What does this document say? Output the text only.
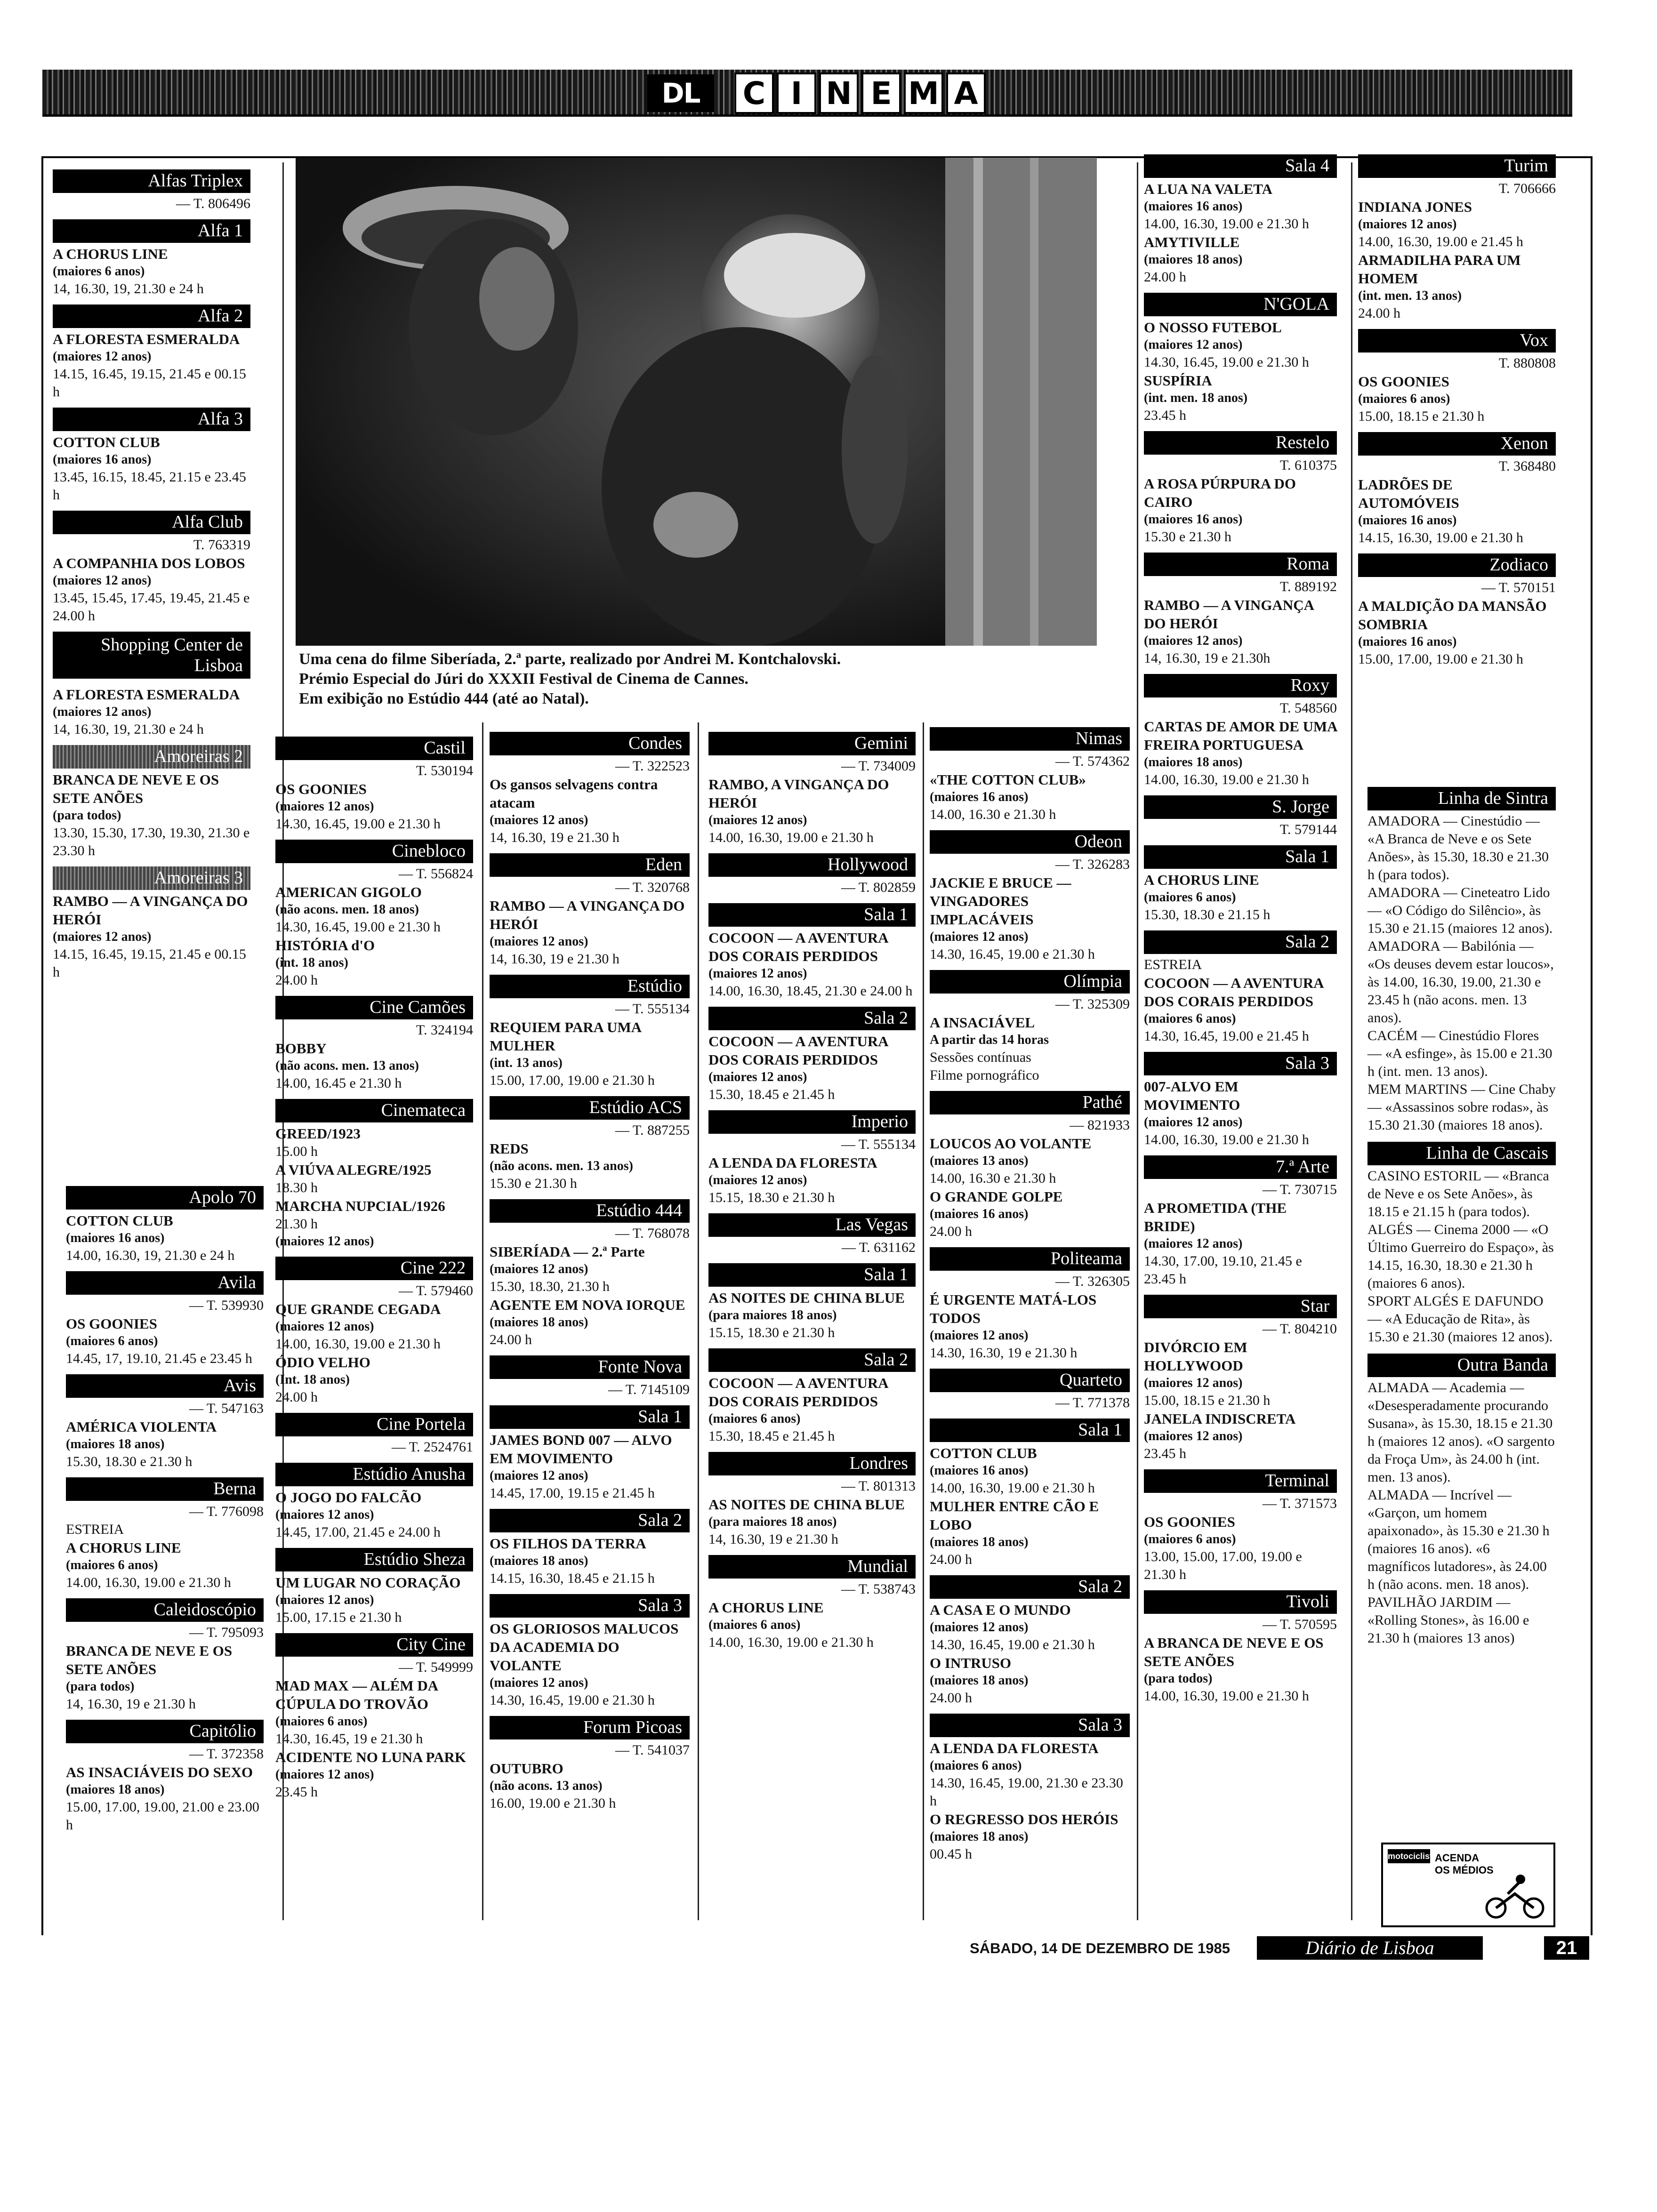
DL	C I N E M A
Uma cena do filme Siberíada, 2.ª parte, realizado por Andrei M. Kontchalovski.
Prémio Especial do Júri do XXXII Festival de Cinema de Cannes.
Em exibição no Estúdio 444 (até ao Natal).
Alfas Triplex
— T. 806496
Alfa 1
A CHORUS LINE
(maiores 6 anos)
14, 16.30, 19, 21.30 e 24 h
Alfa 2
A FLORESTA ESMERALDA
(maiores 12 anos)
14.15, 16.45, 19.15, 21.45 e 00.15 h
Alfa 3
COTTON CLUB
(maiores 16 anos)
13.45, 16.15, 18.45, 21.15 e 23.45 h
Alfa Club
T. 763319
A COMPANHIA DOS LOBOS
(maiores 12 anos)
13.45, 15.45, 17.45, 19.45, 21.45 e 24.00 h
Shopping Center de Lisboa
A FLORESTA ESMERALDA
(maiores 12 anos)
14, 16.30, 19, 21.30 e 24 h
Amoreiras 2
BRANCA DE NEVE E OS SETE ANÕES
(para todos)
13.30, 15.30, 17.30, 19.30, 21.30 e 23.30 h
Amoreiras 3
RAMBO — A VINGANÇA DO HERÓI
(maiores 12 anos)
14.15, 16.45, 19.15, 21.45 e 00.15 h
Apolo 70
COTTON CLUB
(maiores 16 anos)
14.00, 16.30, 19, 21.30 e 24 h
Avila
— T. 539930
OS GOONIES
(maiores 6 anos)
14.45, 17, 19.10, 21.45 e 23.45 h
Avis
— T. 547163
AMÉRICA VIOLENTA
(maiores 18 anos)
15.30, 18.30 e 21.30 h
Berna
— T. 776098
ESTREIA
A CHORUS LINE
(maiores 6 anos)
14.00, 16.30, 19.00 e 21.30 h
Caleidoscópio
— T. 795093
BRANCA DE NEVE E OS SETE ANÕES
(para todos)
14, 16.30, 19 e 21.30 h
Capitólio
— T. 372358
AS INSACIÁVEIS DO SEXO
(maiores 18 anos)
15.00, 17.00, 19.00, 21.00 e 23.00 h
Castil
T. 530194
OS GOONIES
(maiores 12 anos)
14.30, 16.45, 19.00 e 21.30 h
Cinebloco
— T. 556824
AMERICAN GIGOLO
(não acons. men. 18 anos)
14.30, 16.45, 19.00 e 21.30 h
HISTÓRIA d'O
(int. 18 anos)
24.00 h
Cine Camões
T. 324194
BOBBY
(não acons. men. 13 anos)
14.00, 16.45 e 21.30 h
Cinemateca
GREED/1923
15.00 h
A VIÚVA ALEGRE/1925
18.30 h
MARCHA NUPCIAL/1926
21.30 h
(maiores 12 anos)
Cine 222
— T. 579460
QUE GRANDE CEGADA
(maiores 12 anos)
14.00, 16.30, 19.00 e 21.30 h
ÓDIO VELHO
(Int. 18 anos)
24.00 h
Cine Portela
— T. 2524761
Estúdio Anusha
O JOGO DO FALCÃO
(maiores 12 anos)
14.45, 17.00, 21.45 e 24.00 h
Estúdio Sheza
UM LUGAR NO CORAÇÃO
(maiores 12 anos)
15.00, 17.15 e 21.30 h
City Cine
— T. 549999
MAD MAX — ALÉM DA CÚPULA DO TROVÃO
(maiores 6 anos)
14.30, 16.45, 19 e 21.30 h
ACIDENTE NO LUNA PARK
(maiores 12 anos)
23.45 h
Condes
— T. 322523
Os gansos selvagens contra atacam
(maiores 12 anos)
14, 16.30, 19 e 21.30 h
Eden
— T. 320768
RAMBO — A VINGANÇA DO HERÓI
(maiores 12 anos)
14, 16.30, 19 e 21.30 h
Estúdio
— T. 555134
REQUIEM PARA UMA MULHER
(int. 13 anos)
15.00, 17.00, 19.00 e 21.30 h
Estúdio ACS
— T. 887255
REDS
(não acons. men. 13 anos)
15.30 e 21.30 h
Estúdio 444
— T. 768078
SIBERÍADA — 2.ª Parte
(maiores 12 anos)
15.30, 18.30, 21.30 h
AGENTE EM NOVA IORQUE
(maiores 18 anos)
24.00 h
Fonte Nova
— T. 7145109
Sala 1
JAMES BOND 007 — ALVO EM MOVIMENTO
(maiores 12 anos)
14.45, 17.00, 19.15 e 21.45 h
Sala 2
OS FILHOS DA TERRA
(maiores 18 anos)
14.15, 16.30, 18.45 e 21.15 h
Sala 3
OS GLORIOSOS MALUCOS DA ACADEMIA DO VOLANTE
(maiores 12 anos)
14.30, 16.45, 19.00 e 21.30 h
Forum Picoas
— T. 541037
OUTUBRO
(não acons. 13 anos)
16.00, 19.00 e 21.30 h
Gemini
— T. 734009
RAMBO, A VINGANÇA DO HERÓI
(maiores 12 anos)
14.00, 16.30, 19.00 e 21.30 h
Hollywood
— T. 802859
Sala 1
COCOON — A AVENTURA DOS CORAIS PERDIDOS
(maiores 12 anos)
14.00, 16.30, 18.45, 21.30 e 24.00 h
Sala 2
COCOON — A AVENTURA DOS CORAIS PERDIDOS
(maiores 12 anos)
15.30, 18.45 e 21.45 h
Imperio
— T. 555134
A LENDA DA FLORESTA
(maiores 12 anos)
15.15, 18.30 e 21.30 h
Las Vegas
— T. 631162
Sala 1
AS NOITES DE CHINA BLUE
(para maiores 18 anos)
15.15, 18.30 e 21.30 h
Sala 2
COCOON — A AVENTURA DOS CORAIS PERDIDOS
(maiores 6 anos)
15.30, 18.45 e 21.45 h
Londres
— T. 801313
AS NOITES DE CHINA BLUE
(para maiores 18 anos)
14, 16.30, 19 e 21.30 h
Mundial
— T. 538743
A CHORUS LINE
(maiores 6 anos)
14.00, 16.30, 19.00 e 21.30 h
Nimas
— T. 574362
«THE COTTON CLUB»
(maiores 16 anos)
14.00, 16.30 e 21.30 h
Odeon
— T. 326283
JACKIE E BRUCE — VINGADORES IMPLACÁVEIS
(maiores 12 anos)
14.30, 16.45, 19.00 e 21.30 h
Olímpia
— T. 325309
A INSACIÁVEL
A partir das 14 horas
Sessões contínuas
Filme pornográfico
Pathé
— 821933
LOUCOS AO VOLANTE
(maiores 13 anos)
14.00, 16.30 e 21.30 h
O GRANDE GOLPE
(maiores 16 anos)
24.00 h
Politeama
— T. 326305
É URGENTE MATÁ-LOS TODOS
(maiores 12 anos)
14.30, 16.30, 19 e 21.30 h
Quarteto
— T. 771378
Sala 1
COTTON CLUB
(maiores 16 anos)
14.00, 16.30, 19.00 e 21.30 h
MULHER ENTRE CÃO E LOBO
(maiores 18 anos)
24.00 h
Sala 2
A CASA E O MUNDO
(maiores 12 anos)
14.30, 16.45, 19.00 e 21.30 h
O INTRUSO
(maiores 18 anos)
24.00 h
Sala 3
A LENDA DA FLORESTA
(maiores 6 anos)
14.30, 16.45, 19.00, 21.30 e 23.30 h
O REGRESSO DOS HERÓIS
(maiores 18 anos)
00.45 h
Sala 4
A LUA NA VALETA
(maiores 16 anos)
14.00, 16.30, 19.00 e 21.30 h
AMYTIVILLE
(maiores 18 anos)
24.00 h
N'GOLA
O NOSSO FUTEBOL
(maiores 12 anos)
14.30, 16.45, 19.00 e 21.30 h
SUSPÍRIA
(int. men. 18 anos)
23.45 h
Restelo
T. 610375
A ROSA PÚRPURA DO CAIRO
(maiores 16 anos)
15.30 e 21.30 h
Roma
T. 889192
RAMBO — A VINGANÇA DO HERÓI
(maiores 12 anos)
14, 16.30, 19 e 21.30h
Roxy
T. 548560
CARTAS DE AMOR DE UMA FREIRA PORTUGUESA
(maiores 18 anos)
14.00, 16.30, 19.00 e 21.30 h
S. Jorge
T. 579144
Sala 1
A CHORUS LINE
(maiores 6 anos)
15.30, 18.30 e 21.15 h
Sala 2
ESTREIA
COCOON — A AVENTURA DOS CORAIS PERDIDOS
(maiores 6 anos)
14.30, 16.45, 19.00 e 21.45 h
Sala 3
007-ALVO EM MOVIMENTO
(maiores 12 anos)
14.00, 16.30, 19.00 e 21.30 h
7.ª Arte
— T. 730715
A PROMETIDA (THE BRIDE)
(maiores 12 anos)
14.30, 17.00, 19.10, 21.45 e 23.45 h
Star
— T. 804210
DIVÓRCIO EM HOLLYWOOD
(maiores 12 anos)
15.00, 18.15 e 21.30 h
JANELA INDISCRETA
(maiores 12 anos)
23.45 h
Terminal
— T. 371573
OS GOONIES
(maiores 6 anos)
13.00, 15.00, 17.00, 19.00 e 21.30 h
Tivoli
— T. 570595
A BRANCA DE NEVE E OS SETE ANÕES
(para todos)
14.00, 16.30, 19.00 e 21.30 h
Turim
T. 706666
INDIANA JONES
(maiores 12 anos)
14.00, 16.30, 19.00 e 21.45 h
ARMADILHA PARA UM HOMEM
(int. men. 13 anos)
24.00 h
Vox
T. 880808
OS GOONIES
(maiores 6 anos)
15.00, 18.15 e 21.30 h
Xenon
T. 368480
LADRÕES DE AUTOMÓVEIS
(maiores 16 anos)
14.15, 16.30, 19.00 e 21.30 h
Zodiaco
— T. 570151
A MALDIÇÃO DA MANSÃO SOMBRIA
(maiores 16 anos)
15.00, 17.00, 19.00 e 21.30 h
Linha de Sintra
AMADORA — Cinestúdio — «A Branca de Neve e os Sete Anões», às 15.30, 18.30 e 21.30 h (para todos).
AMADORA — Cineteatro Lido — «O Código do Silêncio», às 15.30 e 21.15 (maiores 12 anos).
AMADORA — Babilónia — «Os deuses devem estar loucos», às 14.00, 16.30, 19.00, 21.30 e 23.45 h (não acons. men. 13 anos).
CACÉM — Cinestúdio Flores — «A esfinge», às 15.00 e 21.30 h (int. men. 13 anos).
MEM MARTINS — Cine Chaby — «Assassinos sobre rodas», às 15.30 21.30 (maiores 18 anos).
Linha de Cascais
CASINO ESTORIL — «Branca de Neve e os Sete Anões», às 18.15 e 21.15 h (para todos).
ALGÉS — Cinema 2000 — «O Último Guerreiro do Espaço», às 14.15, 16.30, 18.30 e 21.30 h (maiores 6 anos).
SPORT ALGÉS E DAFUNDO — «A Educação de Rita», às 15.30 e 21.30 (maiores 12 anos).
Outra Banda
ALMADA — Academia — «Desesperadamente procurando Susana», às 15.30, 18.15 e 21.30 h (maiores 12 anos). «O sargento da Froça Um», às 24.00 h (int. men. 13 anos).
ALMADA — Incrível — «Garçon, um homem apaixonado», às 15.30 e 21.30 h (maiores 16 anos). «6 magníficos lutadores», às 24.00 h (não acons. men. 18 anos).
PAVILHÃO JARDIM — «Rolling Stones», às 16.00 e 21.30 h (maiores 13 anos)
motociclista
ACENDA
OS MÉDIOS
SÁBADO, 14 DE DEZEMBRO DE 1985	Diário de Lisboa	21
